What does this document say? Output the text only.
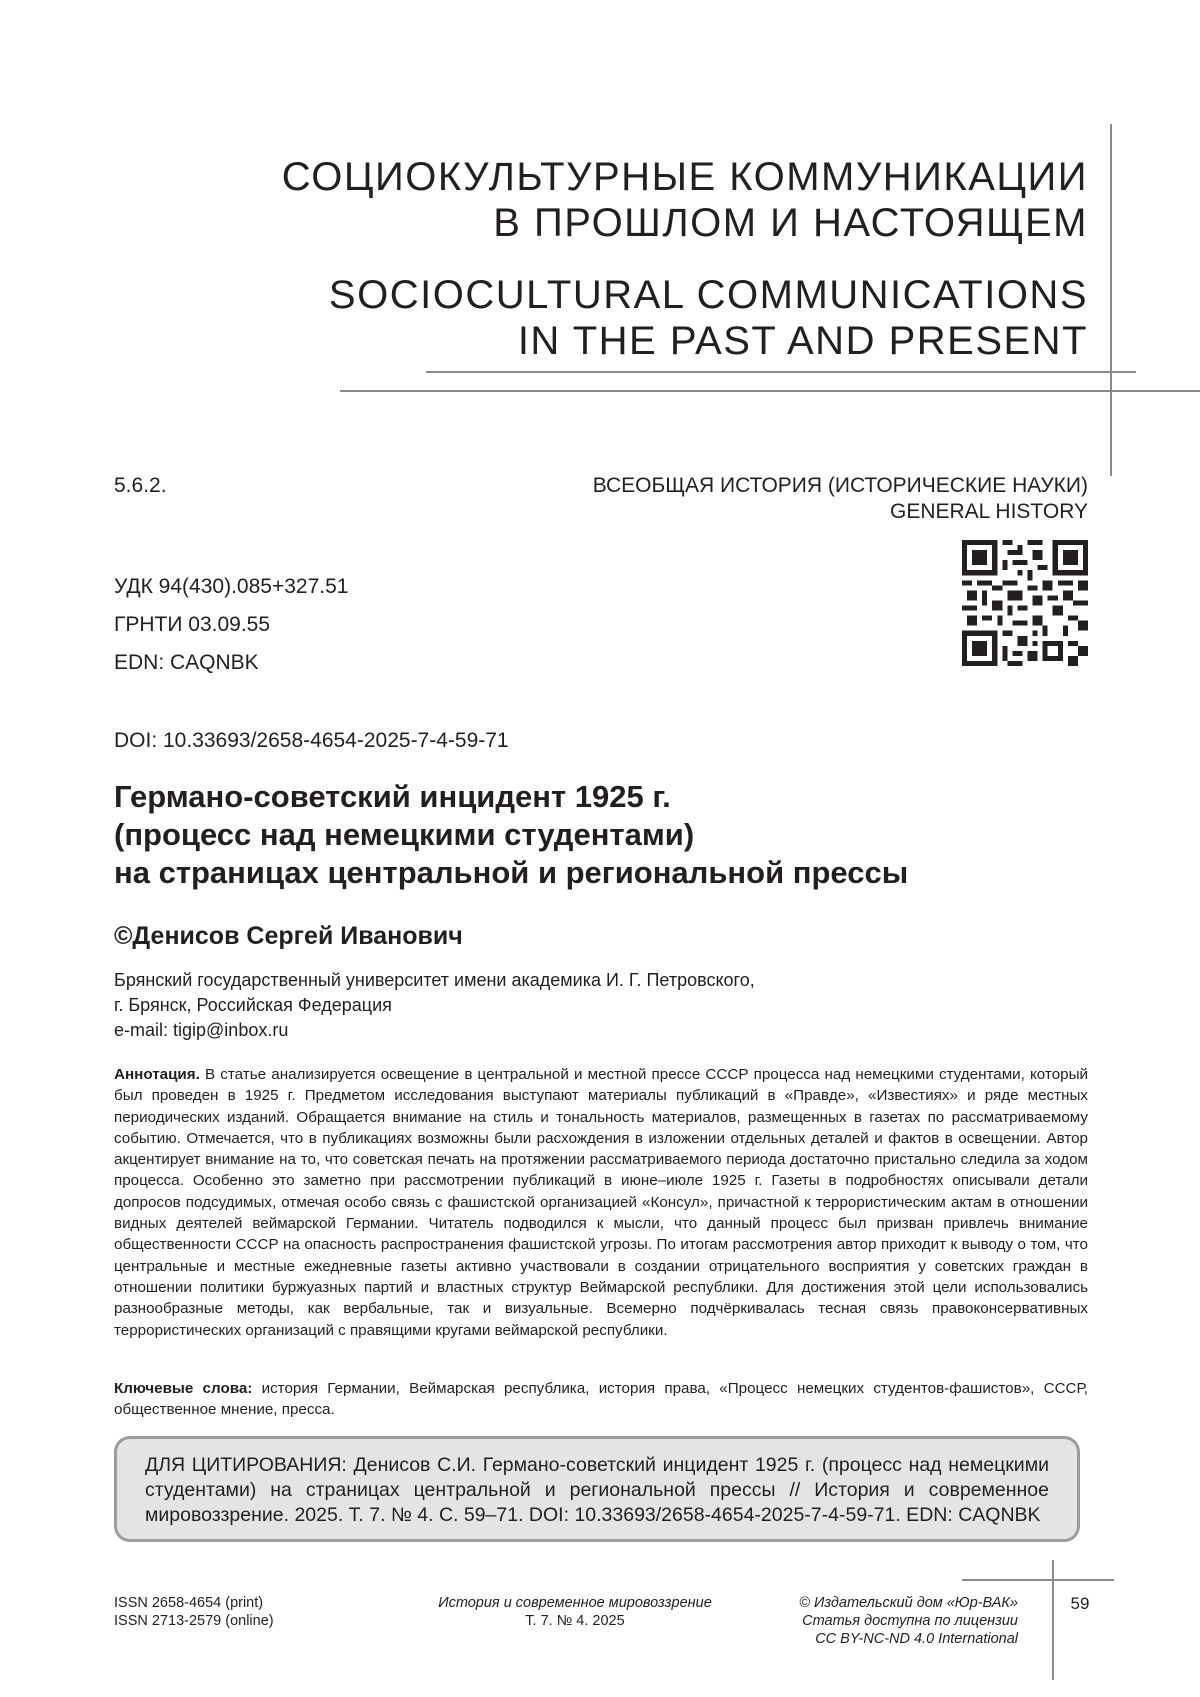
СОЦИОКУЛЬТУРНЫЕ КОММУНИКАЦИИ
В ПРОШЛОМ И НАСТОЯЩЕМ
SOCIOCULTURAL COMMUNICATIONS
IN THE PAST AND PRESENT
5.6.2.	ВСЕОБЩАЯ ИСТОРИЯ (ИСТОРИЧЕСКИЕ НАУКИ)
GENERAL HISTORY
УДК 94(430).085+327.51
ГРНТИ 03.09.55
EDN: CAQNBK
DOI: 10.33693/2658-4654-2025-7-4-59-71
Германо-советский инцидент 1925 г.
(процесс над немецкими студентами)
на страницах центральной и региональной прессы
©Денисов Сергей Иванович
Брянский государственный университет имени академика И. Г. Петровского,
г. Брянск, Российская Федерация
e-mail: tigip@inbox.ru
Аннотация. В статье анализируется освещение в центральной и местной прессе СССР процесса над немецкими студентами, который был проведен в 1925 г. Предметом исследования выступают материалы публикаций в «Правде», «Известиях» и ряде местных периодических изданий. Обращается внимание на стиль и тональность материалов, размещенных в газетах по рассматриваемому событию. Отмечается, что в публикациях возможны были расхождения в изложении отдельных деталей и фактов в освещении. Автор акцентирует внимание на то, что советская печать на протяжении рассматриваемого периода достаточно пристально следила за ходом процесса. Особенно это заметно при рассмотрении публикаций в июне–июле 1925 г. Газеты в подробностях описывали детали допросов подсудимых, отмечая особо связь с фашистской организацией «Консул», причастной к террористическим актам в отношении видных деятелей веймарской Германии. Читатель подводился к мысли, что данный процесс был призван привлечь внимание общественности СССР на опасность распространения фашистской угрозы. По итогам рассмотрения автор приходит к выводу о том, что центральные и местные ежедневные газеты активно участвовали в создании отрицательного восприятия у советских граждан в отношении политики буржуазных партий и властных структур Веймарской республики. Для достижения этой цели использовались разнообразные методы, как вербальные, так и визуальные. Всемерно подчёркивалась тесная связь правоконсервативных террористических организаций с правящими кругами веймарской республики.
Ключевые слова: история Германии, Веймарская республика, история права, «Процесс немецких студентов-фашистов», СССР, общественное мнение, пресса.
ДЛЯ ЦИТИРОВАНИЯ: Денисов С.И. Германо-советский инцидент 1925 г. (процесс над немецкими студентами) на страницах центральной и региональной прессы // История и современное мировоззрение. 2025. Т. 7. № 4. С. 59–71. DOI: 10.33693/2658-4654-2025-7-4-59-71. EDN: CAQNBK
ISSN 2658-4654 (print)
ISSN 2713-2579 (online)
История и современное мировоззрение
Т. 7. № 4. 2025
© Издательский дом «Юр-ВАК»
Статья доступна по лицензии
CC BY-NC-ND 4.0 International
59
